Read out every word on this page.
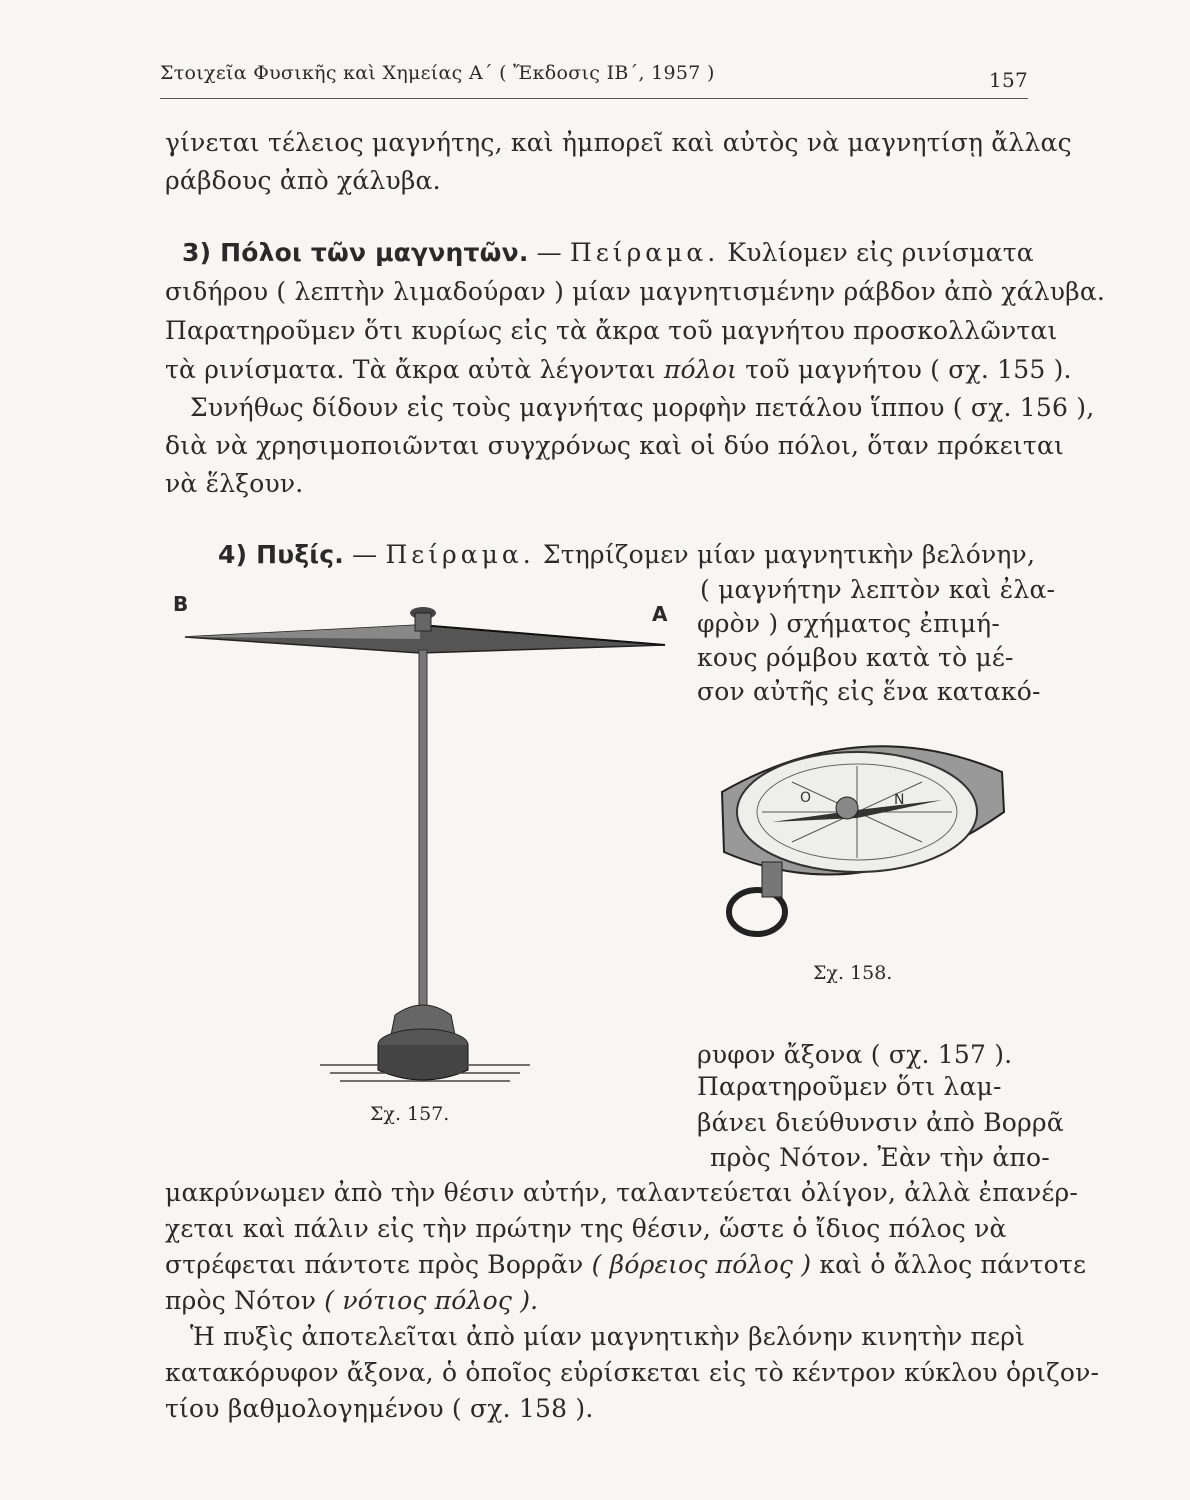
Στοιχεῖα Φυσικῆς καὶ Χημείας Α΄ ( Ἔκδοσις ΙΒ΄, 1957 )	157
γίνεται τέλειος μαγνήτης, καὶ ἠμπορεῖ καὶ αὐτὸς νὰ μαγνητίσῃ ἄλλας
ράβδους ἀπὸ χάλυβα.
3) Πόλοι τῶν μαγνητῶν. — Πείραμα. Κυλίομεν εἰς ρινίσματα
σιδήρου ( λεπτὴν λιμαδούραν ) μίαν μαγνητισμένην ράβδον ἀπὸ χάλυβα.
Παρατηροῦμεν ὅτι κυρίως εἰς τὰ ἄκρα τοῦ μαγνήτου προσκολλῶνται
τὰ ρινίσματα. Τὰ ἄκρα αὐτὰ λέγονται πόλοι τοῦ μαγνήτου ( σχ. 155 ).
Συνήθως δίδουν εἰς τοὺς μαγνήτας μορφὴν πετάλου ἵππου ( σχ. 156 ),
διὰ νὰ χρησιμοποιῶνται συγχρόνως καὶ οἱ δύο πόλοι, ὅταν πρόκειται
νὰ ἕλξουν.
4) Πυξίς. — Πείραμα. Στηρίζομεν μίαν μαγνητικὴν βελόνην,
( μαγνήτην λεπτὸν καὶ ἐλα-
φρὸν ) σχήματος ἐπιμή-
κους ρόμβου κατὰ τὸ μέ-
σον αὐτῆς εἰς ἕνα κατακό-
B	A
Σχ. 157.
N
O
Σχ. 158.
ρυφον ἄξονα ( σχ. 157 ).
Παρατηροῦμεν ὅτι λαμ-
βάνει διεύθυνσιν ἀπὸ Βορρᾶ
πρὸς Νότον. Ἐὰν τὴν ἀπο-
μακρύνωμεν ἀπὸ τὴν θέσιν αὐτήν, ταλαντεύεται ὀλίγον, ἀλλὰ ἐπανέρ-
χεται καὶ πάλιν εἰς τὴν πρώτην της θέσιν, ὥστε ὁ ἴδιος πόλος νὰ
στρέφεται πάντοτε πρὸς Βορρᾶν ( βόρειος πόλος ) καὶ ὁ ἄλλος πάντοτε
πρὸς Νότον ( νότιος πόλος ).
Ἡ πυξὶς ἀποτελεῖται ἀπὸ μίαν μαγνητικὴν βελόνην κινητὴν περὶ
κατακόρυφον ἄξονα, ὁ ὁποῖος εὑρίσκεται εἰς τὸ κέντρον κύκλου ὁριζον-
τίου βαθμολογημένου ( σχ. 158 ).
